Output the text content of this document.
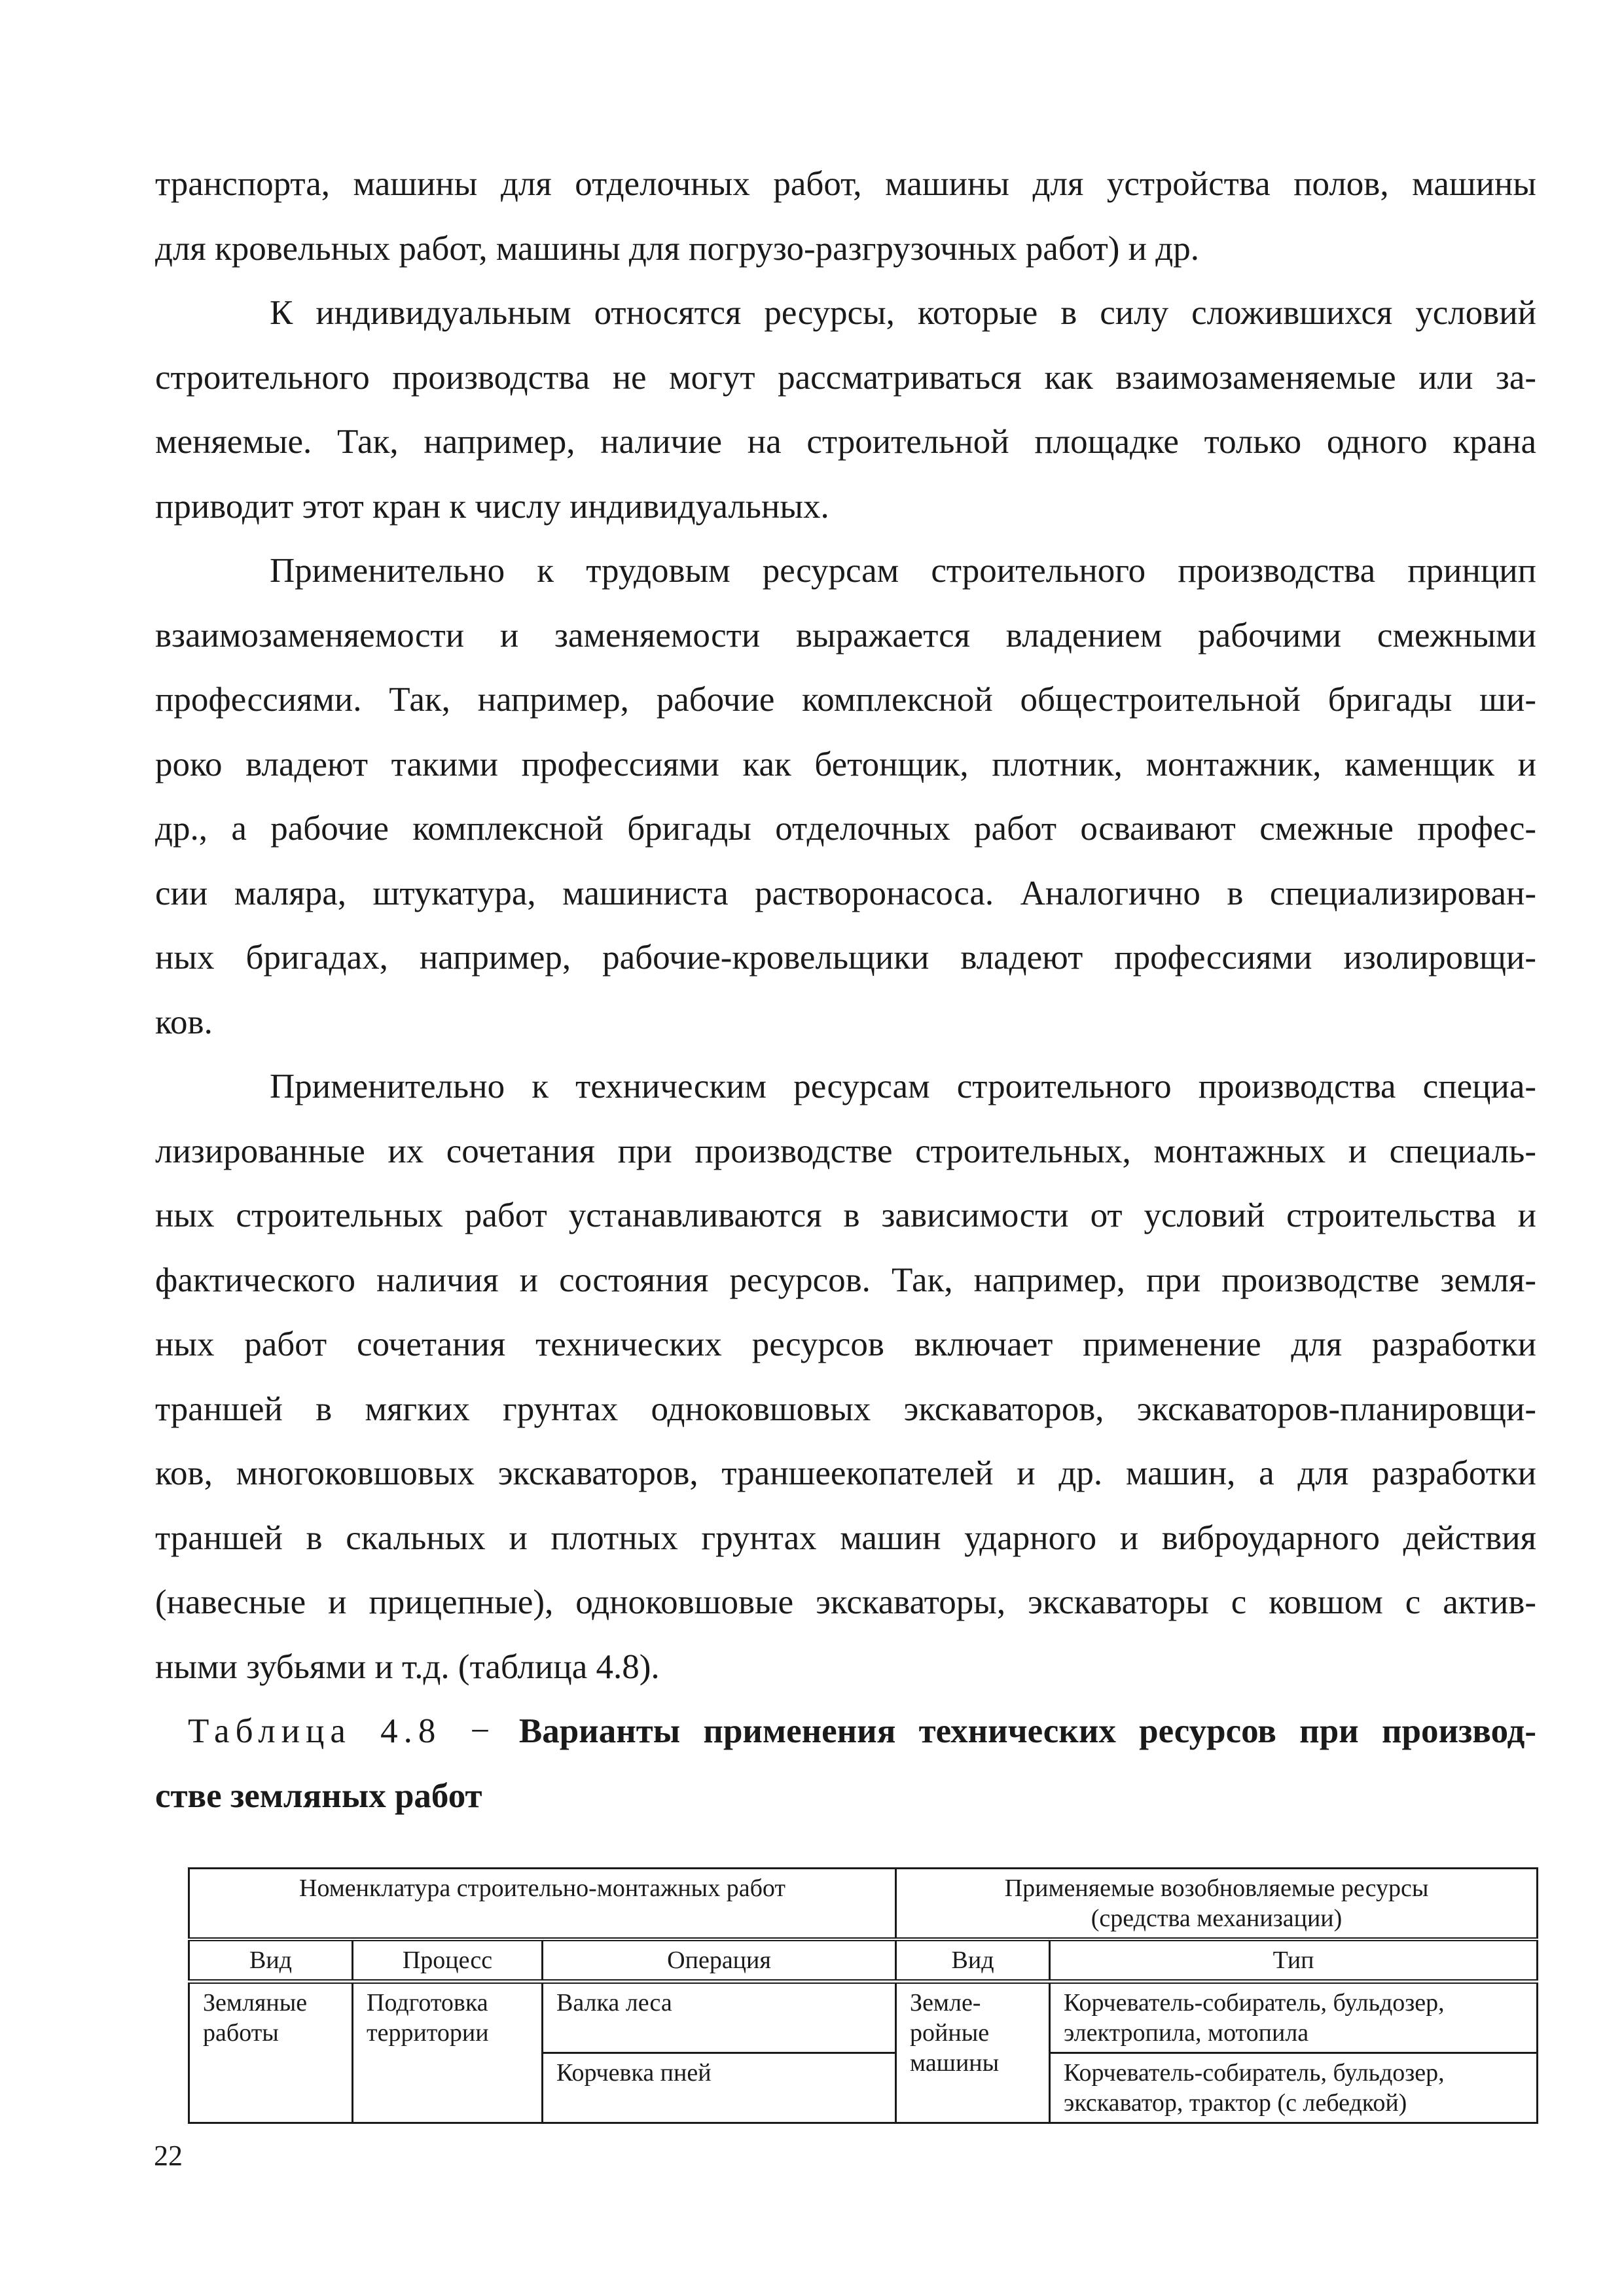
транспорта, машины для отделочных работ, машины для устройства полов, машины
для кровельных работ, машины для погрузо-разгрузочных работ) и др.
К индивидуальным относятся ресурсы, которые в силу сложившихся условий
строительного производства не могут рассматриваться как взаимозаменяемые или за-
меняемые. Так, например, наличие на строительной площадке только одного крана
приводит этот кран к числу индивидуальных.
Применительно к трудовым ресурсам строительного производства принцип
взаимозаменяемости и заменяемости выражается владением рабочими смежными
профессиями. Так, например, рабочие комплексной общестроительной бригады ши-
роко владеют такими профессиями как бетонщик, плотник, монтажник, каменщик и
др., а рабочие комплексной бригады отделочных работ осваивают смежные профес-
сии маляра, штукатура, машиниста растворонасоса. Аналогично в специализирован-
ных бригадах, например, рабочие-кровельщики владеют профессиями изолировщи-
ков.
Применительно к техническим ресурсам строительного производства специа-
лизированные их сочетания при производстве строительных, монтажных и специаль-
ных строительных работ устанавливаются в зависимости от условий строительства и
фактического наличия и состояния ресурсов. Так, например, при производстве земля-
ных работ сочетания технических ресурсов включает применение для разработки
траншей в мягких грунтах одноковшовых экскаваторов, экскаваторов-планировщи-
ков, многоковшовых экскаваторов, траншеекопателей и др. машин, а для разработки
траншей в скальных и плотных грунтах машин ударного и виброударного действия
(навесные и прицепные), одноковшовые экскаваторы, экскаваторы с ковшом с актив-
ными зубьями и т.д. (таблица 4.8).
Таблица 4.8 − Варианты применения технических ресурсов при производ-
стве земляных работ
Номенклатура строительно-монтажных работ			Применяемые возобновляемые ресурсы
(средства механизации)	
Вид	Процесс	Операция	Вид	Тип
Земляные работы	Подготовка территории	Валка леса	Земле-ройные машины	Корчеватель-собиратель, бульдозер, электропила, мотопила
		Корчевка пней		Корчеватель-собиратель, бульдозер, экскаватор, трактор (с лебедкой)
22
